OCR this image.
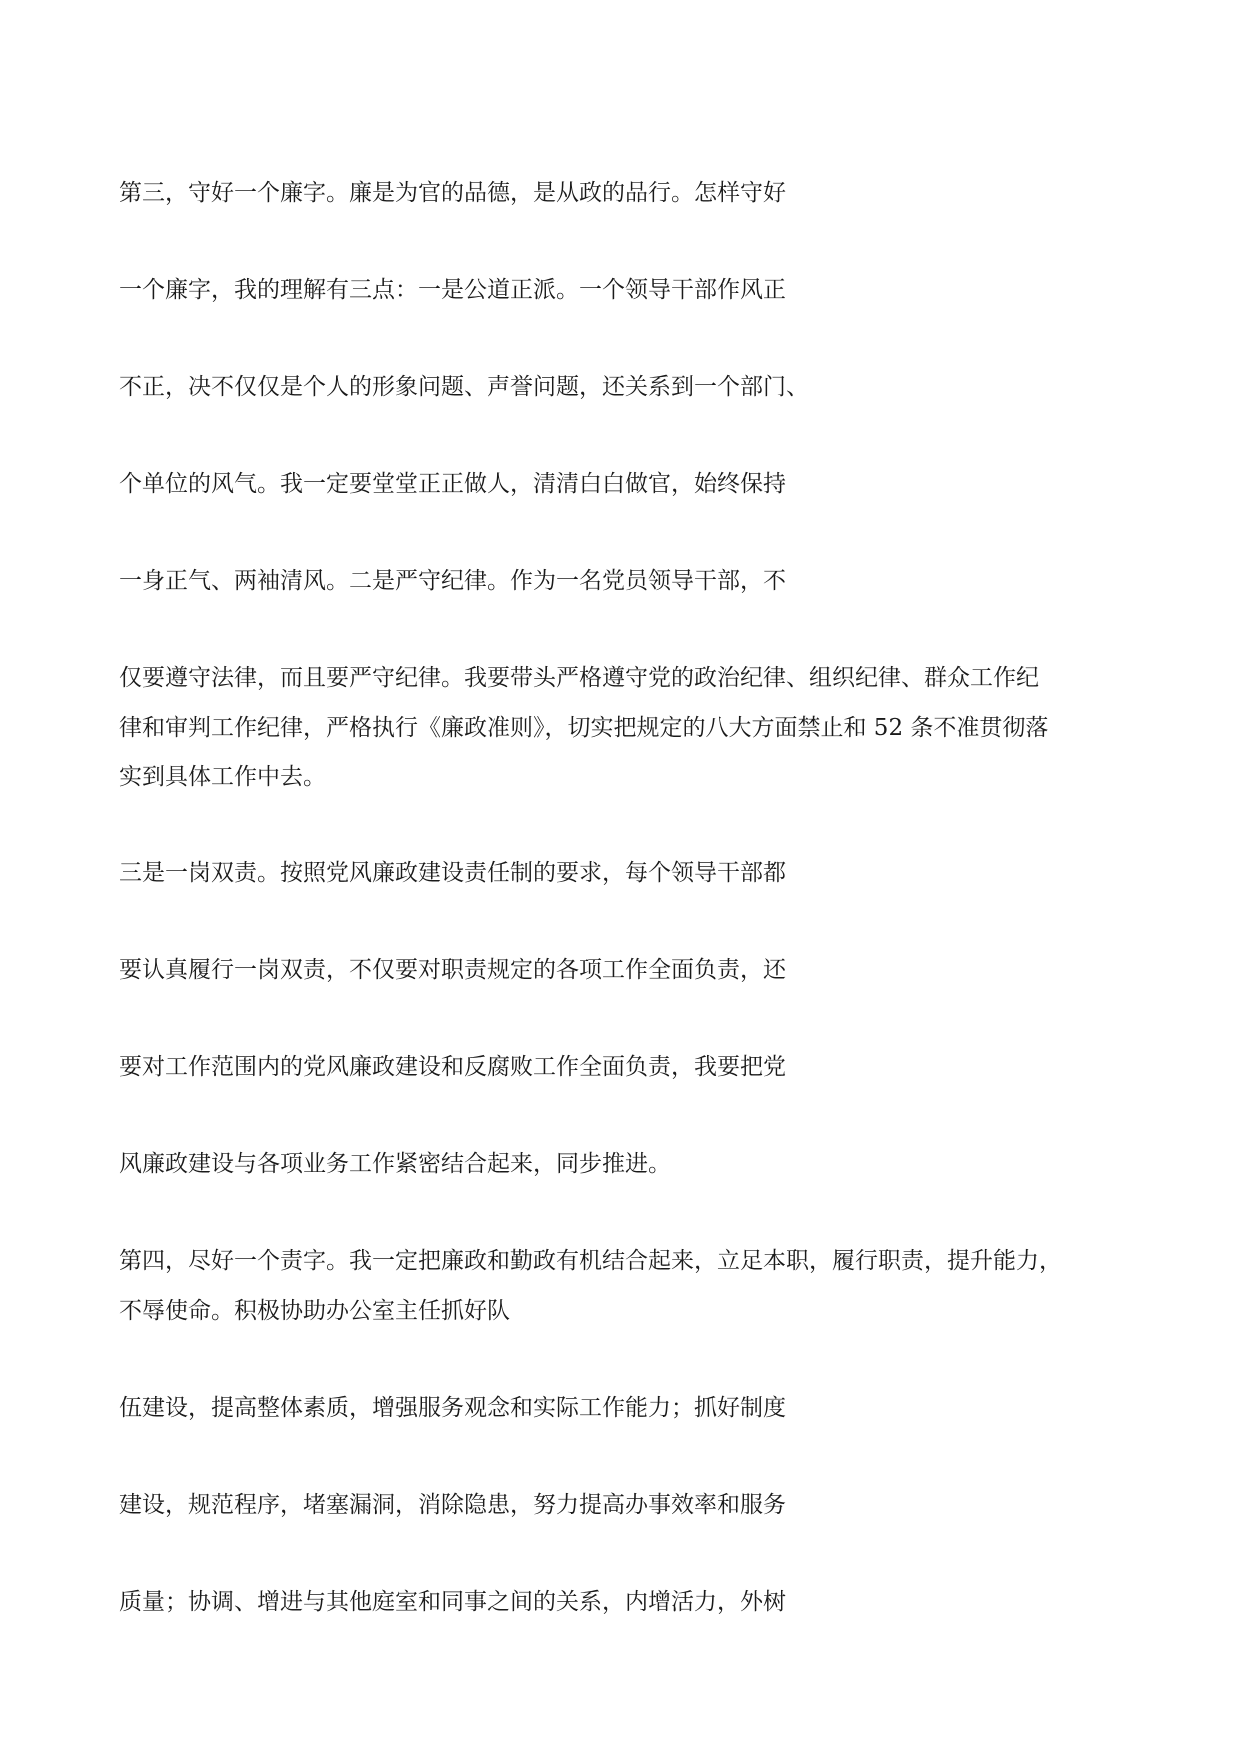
第三，守好一个廉字。廉是为官的品德，是从政的品行。怎样守好

一个廉字，我的理解有三点：一是公道正派。一个领导干部作风正

不正，决不仅仅是个人的形象问题、声誉问题，还关系到一个部门、

个单位的风气。我一定要堂堂正正做人，清清白白做官，始终保持

一身正气、两袖清风。二是严守纪律。作为一名党员领导干部，不

仅要遵守法律，而且要严守纪律。我要带头严格遵守党的政治纪律、组织纪律、群众工作纪

律和审判工作纪律，严格执行《廉政准则》，切实把规定的八大方面禁止和 52 条不准贯彻落

实到具体工作中去。

三是一岗双责。按照党风廉政建设责任制的要求，每个领导干部都

要认真履行一岗双责，不仅要对职责规定的各项工作全面负责，还

要对工作范围内的党风廉政建设和反腐败工作全面负责，我要把党

风廉政建设与各项业务工作紧密结合起来，同步推进。

第四，尽好一个责字。我一定把廉政和勤政有机结合起来，立足本职，履行职责，提升能力，

不辱使命。积极协助办公室主任抓好队

伍建设，提高整体素质，增强服务观念和实际工作能力；抓好制度

建设，规范程序，堵塞漏洞，消除隐患，努力提高办事效率和服务

质量；协调、增进与其他庭室和同事之间的关系，内增活力，外树
